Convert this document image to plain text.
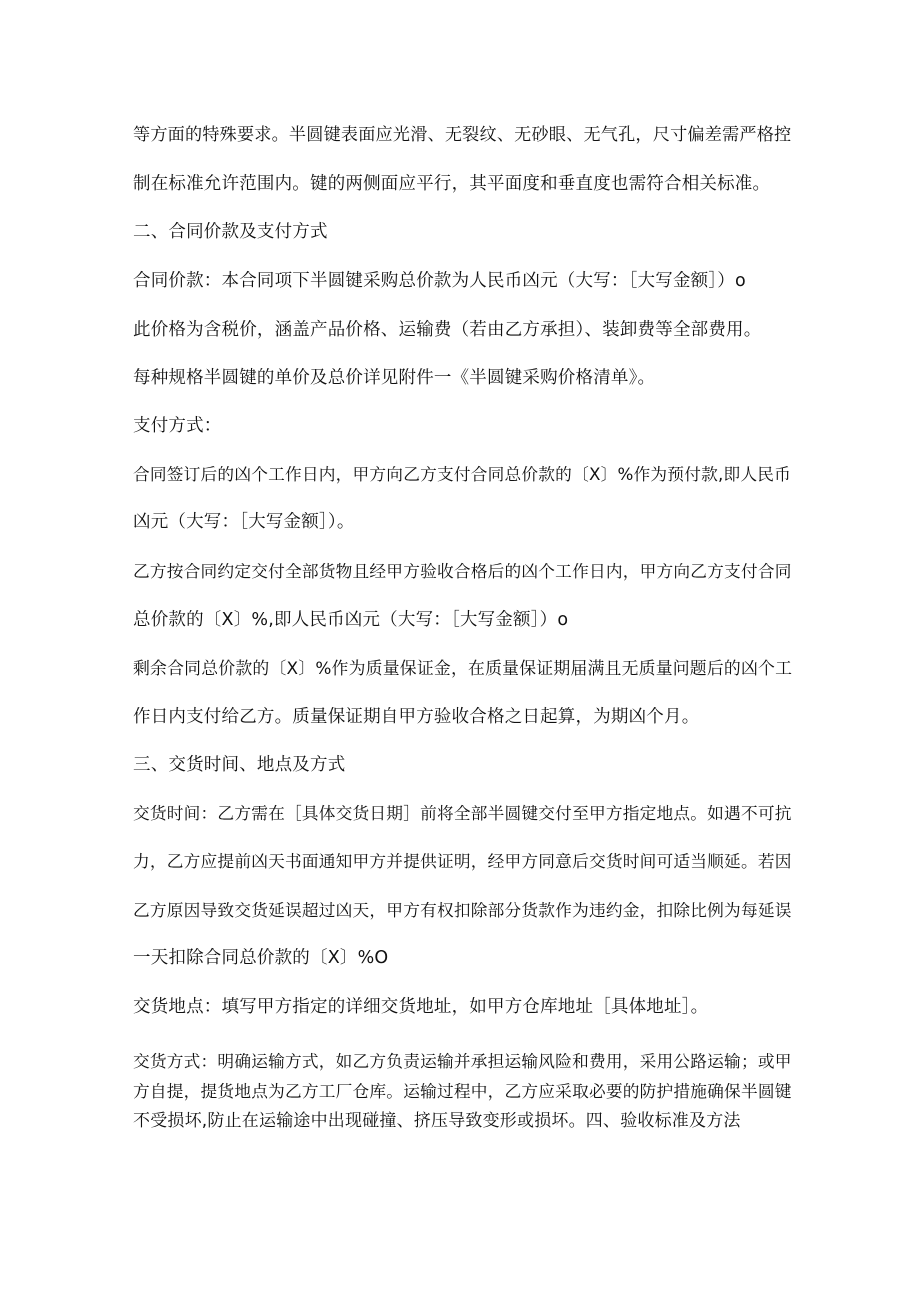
等方面的特殊要求。半圆键表面应光滑、无裂纹、无砂眼、无气孔，尺寸偏差需严格控

制在标准允许范围内。键的两侧面应平行，其平面度和垂直度也需符合相关标准。

二、合同价款及支付方式

合同价款：本合同项下半圆键采购总价款为人民币凶元（大写：［大写金额］）o

此价格为含税价，涵盖产品价格、运输费（若由乙方承担）、装卸费等全部费用。

每种规格半圆键的单价及总价详见附件一《半圆键采购价格清单》。

支付方式：

合同签订后的凶个工作日内，甲方向乙方支付合同总价款的〔X〕%作为预付款,即人民币

凶元（大写：［大写金额］）。

乙方按合同约定交付全部货物且经甲方验收合格后的凶个工作日内，甲方向乙方支付合同

总价款的〔X〕%,即人民币凶元（大写：［大写金额］）o

剩余合同总价款的〔X〕%作为质量保证金，在质量保证期届满且无质量问题后的凶个工

作日内支付给乙方。质量保证期自甲方验收合格之日起算，为期凶个月。

三、交货时间、地点及方式

交货时间：乙方需在［具体交货日期］前将全部半圆键交付至甲方指定地点。如遇不可抗

力，乙方应提前凶天书面通知甲方并提供证明，经甲方同意后交货时间可适当顺延。若因

乙方原因导致交货延误超过凶天，甲方有权扣除部分货款作为违约金，扣除比例为每延误

一天扣除合同总价款的〔X〕%O

交货地点：填写甲方指定的详细交货地址，如甲方仓库地址［具体地址］。

交货方式：明确运输方式，如乙方负责运输并承担运输风险和费用，采用公路运输；或甲

方自提，提货地点为乙方工厂仓库。运输过程中，乙方应采取必要的防护措施确保半圆键

不受损坏,防止在运输途中出现碰撞、挤压导致变形或损坏。四、验收标准及方法
